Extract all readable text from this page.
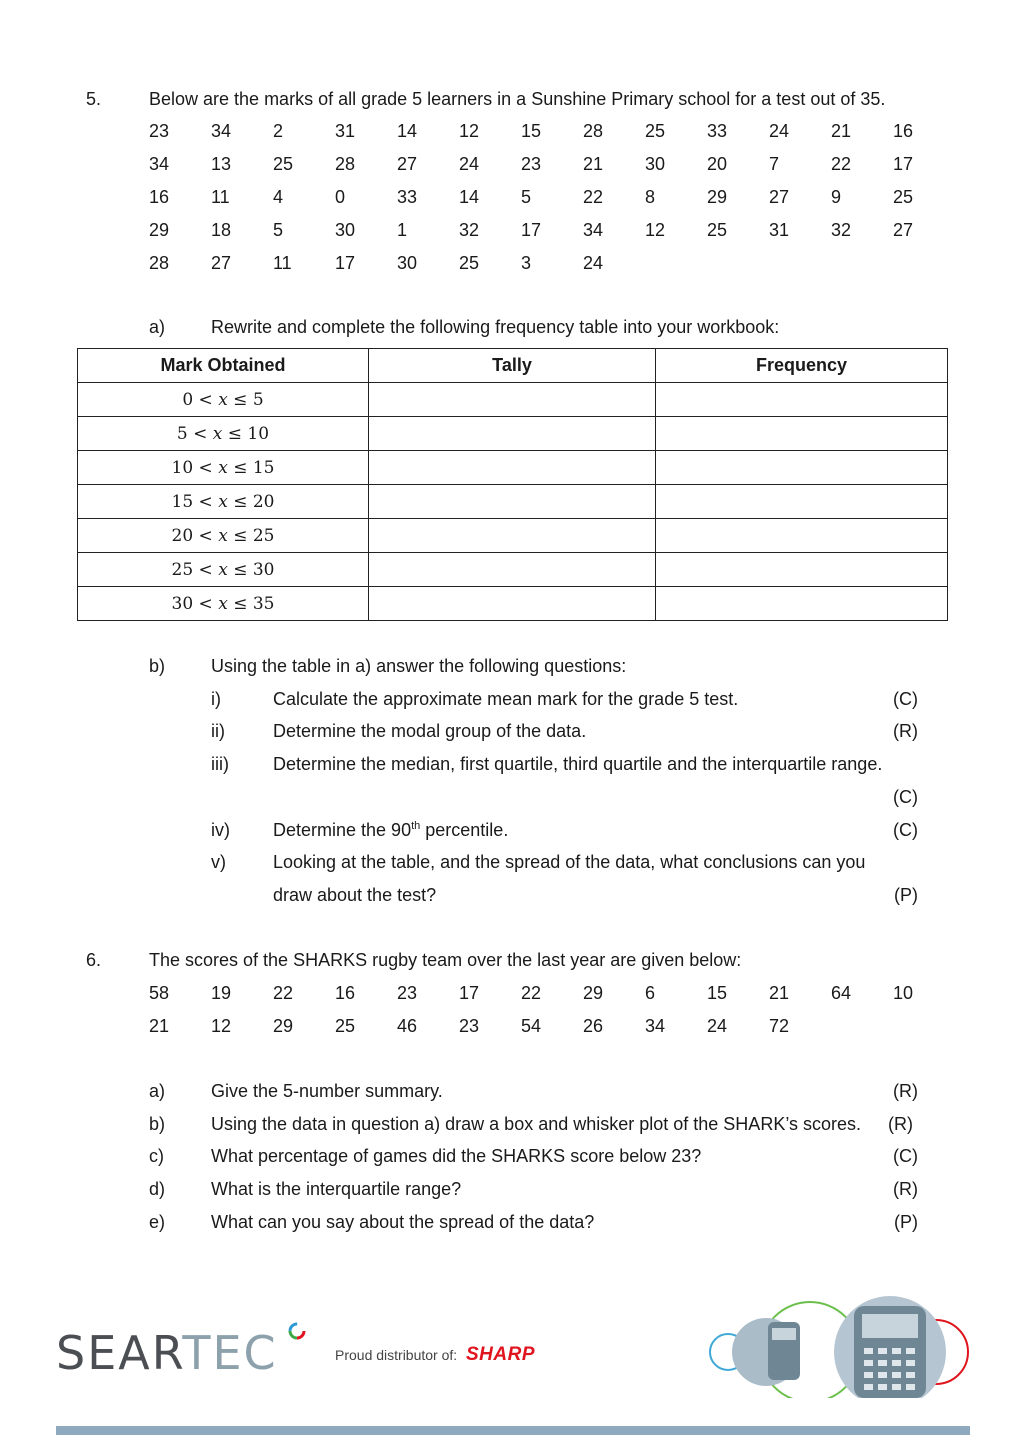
5.	Below are the marks of all grade 5 learners in a Sunshine Primary school for a test out of 35.
23	34	2	31	14	12	15	28	25	33	24	21	16
34	13	25	28	27	24	23	21	30	20	7	22	17
16	11	4	0	33	14	5	22	8	29	27	9	25
29	18	5	30	1	32	17	34	12	25	31	32	27
28	27	11	17	30	25	3	24
a)	Rewrite and complete the following frequency table into your workbook:
Mark Obtained	Tally	Frequency
0 < 𝑥 ≤ 5		
5 < 𝑥 ≤ 10		
10 < 𝑥 ≤ 15		
15 < 𝑥 ≤ 20		
20 < 𝑥 ≤ 25		
25 < 𝑥 ≤ 30		
30 < 𝑥 ≤ 35		
b)	Using the table in a) answer the following questions:
i)	Calculate the approximate mean mark for the grade 5 test.	(C)
ii)	Determine the modal group of the data.	(R)
iii) Determine the median, first quartile, third quartile and the interquartile range.
(C)
iv) Determine the 90th percentile.	(C)
v)	Looking at the table, and the spread of the data, what conclusions can you
draw about the test?	(P)
6.	The scores of the SHARKS rugby team over the last year are given below:
58	19	22	16	23	17	22	29	6	15	21	64	10
21	12	29	25	46	23	54	26	34	24	72
a)	Give the 5-number summary.	(R)
b)	Using the data in question a) draw a box and whisker plot of the SHARK’s scores. (R)
c)	What percentage of games did the SHARKS score below 23?	(C)
d)	What is the interquartile range?	(R)
e)	What can you say about the spread of the data?	(P)
SEARTEC	Proud distributor of: SHARP
